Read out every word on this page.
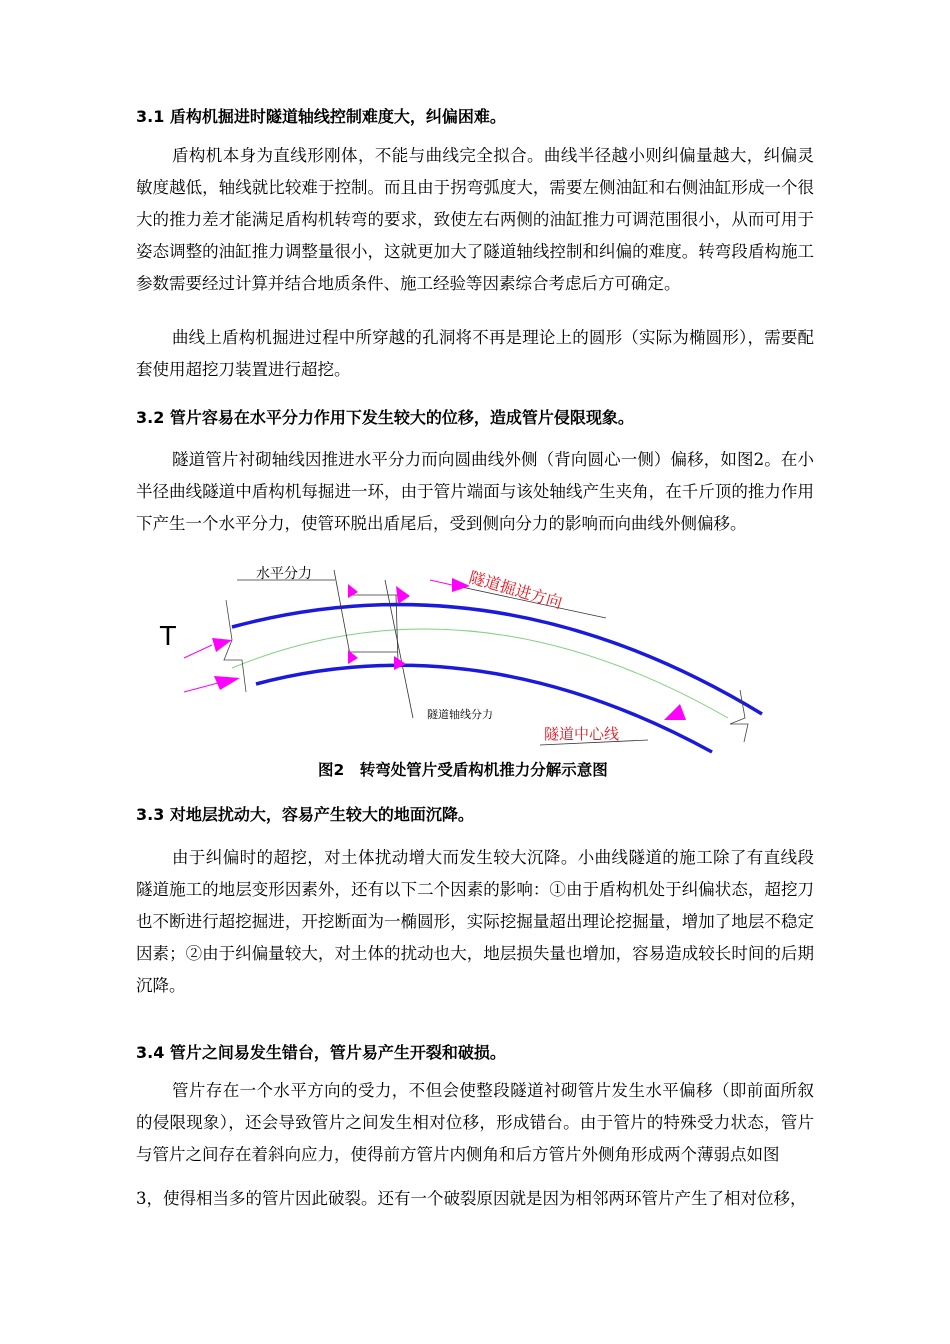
3.1 盾构机掘进时隧道轴线控制难度大，纠偏困难。

盾构机本身为直线形刚体，不能与曲线完全拟合。曲线半径越小则纠偏量越大，纠偏灵敏度越低，轴线就比较难于控制。而且由于拐弯弧度大，需要左侧油缸和右侧油缸形成一个很大的推力差才能满足盾构机转弯的要求，致使左右两侧的油缸推力可调范围很小，从而可用于姿态调整的油缸推力调整量很小，这就更加大了隧道轴线控制和纠偏的难度。转弯段盾构施工参数需要经过计算并结合地质条件、施工经验等因素综合考虑后方可确定。

曲线上盾构机掘进过程中所穿越的孔洞将不再是理论上的圆形（实际为椭圆形），需要配套使用超挖刀装置进行超挖。

3.2 管片容易在水平分力作用下发生较大的位移，造成管片侵限现象。

隧道管片衬砌轴线因推进水平分力而向圆曲线外侧（背向圆心一侧）偏移，如图2。在小半径曲线隧道中盾构机每掘进一环，由于管片端面与该处轴线产生夹角，在千斤顶的推力作用下产生一个水平分力，使管环脱出盾尾后，受到侧向分力的影响而向曲线外侧偏移。

水平分力
T
隧道轴线分力
隧道掘进方向
隧道中心线
图2　转弯处管片受盾构机推力分解示意图
3.3 对地层扰动大，容易产生较大的地面沉降。

由于纠偏时的超挖，对土体扰动增大而发生较大沉降。小曲线隧道的施工除了有直线段隧道施工的地层变形因素外，还有以下二个因素的影响：①由于盾构机处于纠偏状态，超挖刀也不断进行超挖掘进，开挖断面为一椭圆形，实际挖掘量超出理论挖掘量，增加了地层不稳定因素；②由于纠偏量较大，对土体的扰动也大，地层损失量也增加，容易造成较长时间的后期沉降。

3.4 管片之间易发生错台，管片易产生开裂和破损。

管片存在一个水平方向的受力，不但会使整段隧道衬砌管片发生水平偏移（即前面所叙的侵限现象），还会导致管片之间发生相对位移，形成错台。由于管片的特殊受力状态，管片与管片之间存在着斜向应力，使得前方管片内侧角和后方管片外侧角形成两个薄弱点如图

3，使得相当多的管片因此破裂。还有一个破裂原因就是因为相邻两环管片产生了相对位移，
